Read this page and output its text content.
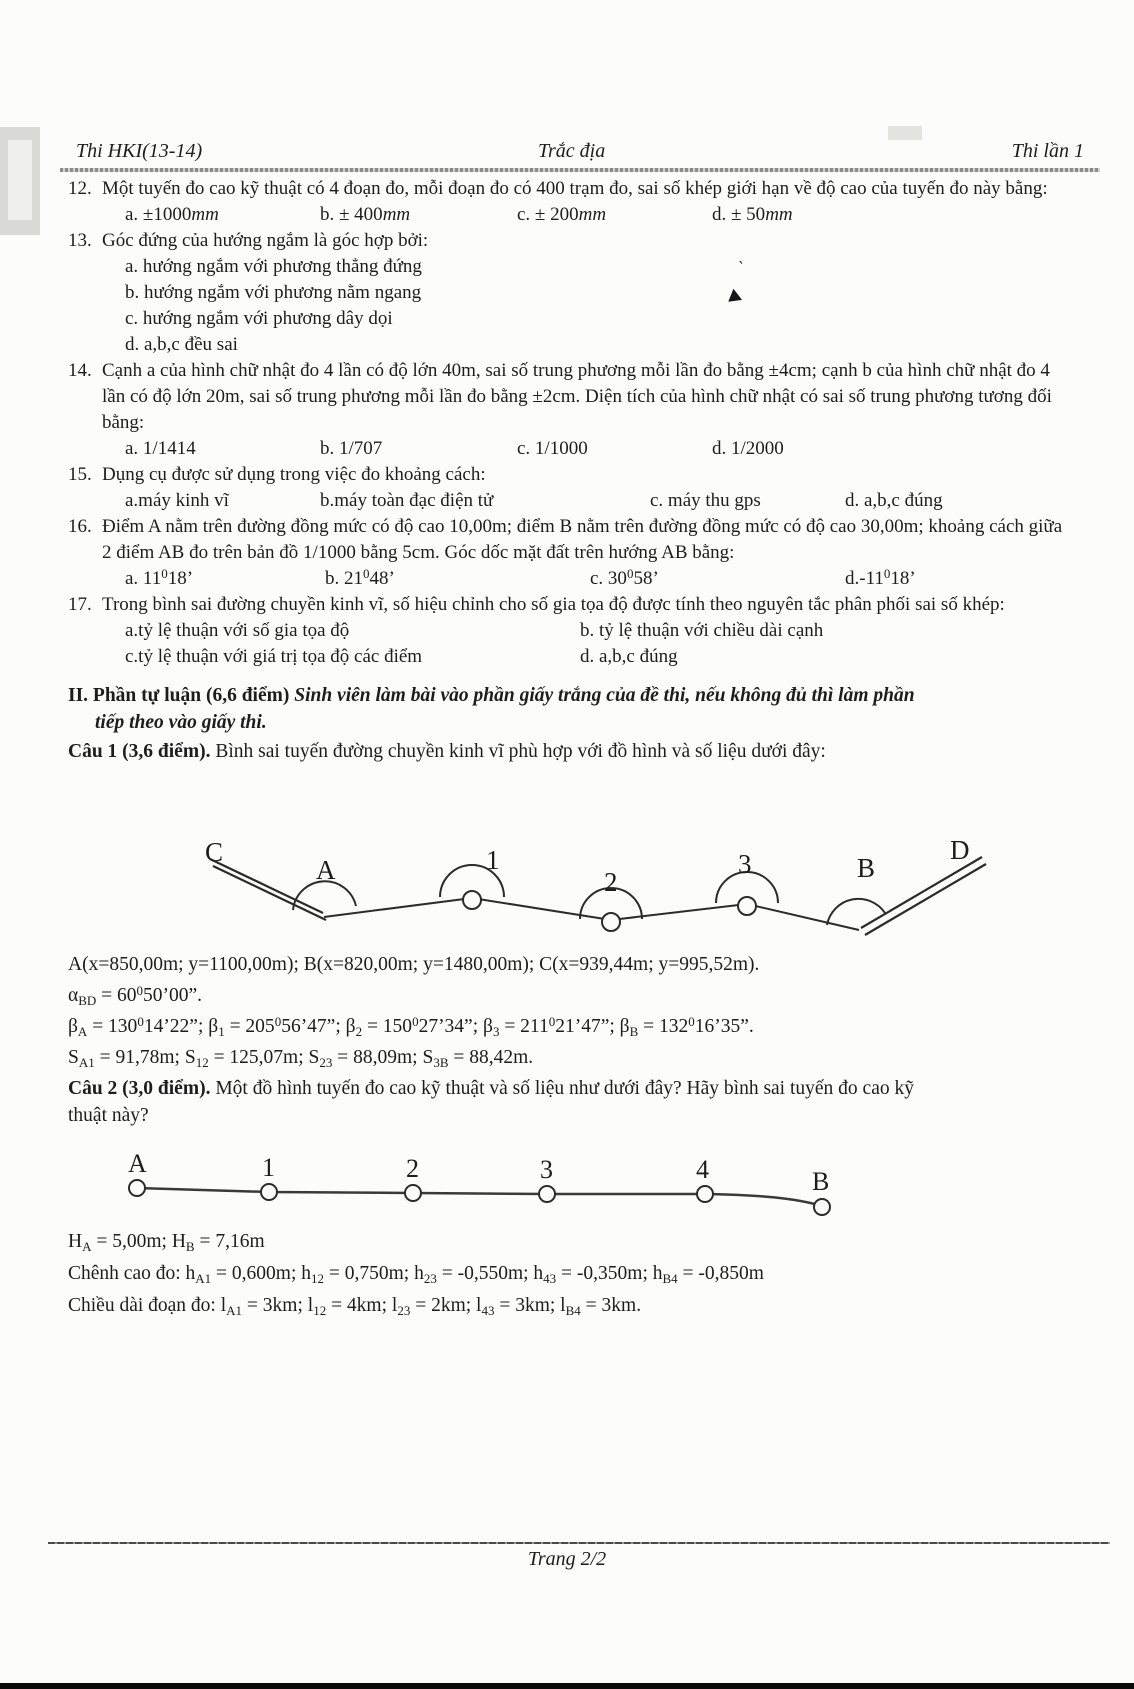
ˋ
Thi HKI(13-14)	Trắc địa	Thi lần 1
12. Một tuyến đo cao kỹ thuật có 4 đoạn đo, mỗi đoạn đo có 400 trạm đo, sai số khép giới hạn về độ cao của tuyến đo này bằng:
a. ±1000mm	b. ± 400mm	c. ± 200mm	d. ± 50mm
13. Góc đứng của hướng ngắm là góc hợp bởi:
a. hướng ngắm với phương thẳng đứng
b. hướng ngắm với phương nằm ngang
c. hướng ngắm với phương dây dọi
d. a,b,c đều sai
14. Cạnh a của hình chữ nhật đo 4 lần có độ lớn 40m, sai số trung phương mỗi lần đo bằng ±4cm; cạnh b của hình chữ nhật đo 4 lần có độ lớn 20m, sai số trung phương mỗi lần đo bằng ±2cm. Diện tích của hình chữ nhật có sai số trung phương tương đối bằng:
a. 1/1414	b. 1/707	c. 1/1000	d. 1/2000
15. Dụng cụ được sử dụng trong việc đo khoảng cách:
a.máy kinh vĩ	b.máy toàn đạc điện tử	c. máy thu gps	d. a,b,c đúng
16. Điểm A nằm trên đường đồng mức có độ cao 10,00m; điểm B nằm trên đường đồng mức có độ cao 30,00m; khoảng cách giữa 2 điểm AB đo trên bản đồ 1/1000 bằng 5cm. Góc dốc mặt đất trên hướng AB bằng:
a. $11^018$’	b. $21^048$’	c. $30^058$’	$d.-11^018$’
17. Trong bình sai đường chuyền kinh vĩ, số hiệu chỉnh cho số gia tọa độ được tính theo nguyên tắc phân phối sai số khép:
a.tỷ lệ thuận với số gia tọa độ	b. tỷ lệ thuận với chiều dài cạnh
c.tỷ lệ thuận với giá trị tọa độ các điểm	d. a,b,c đúng
II. Phần tự luận (6,6 điểm) Sinh viên làm bài vào phần giấy trắng của đề thi, nếu không đủ thì làm phần
tiếp theo vào giấy thi.

Câu 1 (3,6 điểm). Bình sai tuyến đường chuyền kinh vĩ phù hợp với đồ hình và số liệu dưới đây:

C
A	1
2
3	B
D
A(x=850,00m; y=1100,00m); B(x=820,00m; y=1480,00m); C(x=939,44m; y=995,52m).
$\alpha_{BD}$ = $60^050’00$”.
$\beta_A$ = $130^014’22$”; $\beta_1$ = $205^056’47$”; $\beta_2$ = $150^027’34$”; $\beta_3$ = $211^021’47$”; $\beta_B$ = $132^016’35$”.
$S_{A1} = 91,78m$; $S_{12} = 125,07m$; $S_{23} = 88,09m$; $S_{3B} = 88,42m$.

Câu 2 (3,0 điểm). Một đồ hình tuyến đo cao kỹ thuật và số liệu như dưới đây? Hãy bình sai tuyến đo cao kỹ
thuật này?

A	1	2	3	4	B
$H_A = 5,00m$; $H_B = 7,16m$
Chênh cao đo: $h_{A1} = 0,600m$; $h_{12} = 0,750m$; $h_{23} = -0,550m$; $h_{43} = -0,350m$; $h_{B4} = -0,850m$
Chiều dài đoạn đo: $l_{A1} = 3km$; $l_{12} = 4km$; $l_{23} = 2km$; $l_{43} = 3km$; $l_{B4} = 3km$.
Trang 2/2
